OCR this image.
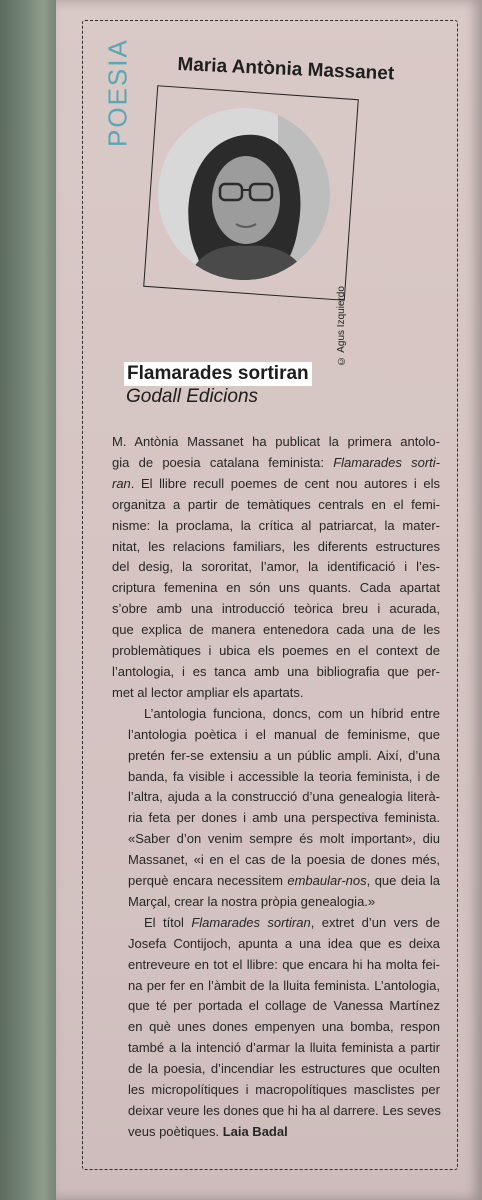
POESIA Maria Antònia Massanet
© Agus Izquierdo
Flamarades sortiran
Godall Edicions

M. Antònia Massanet ha publicat la primera antolo-
gia de poesia catalana feminista: Flamarades sorti-
ran. El llibre recull poemes de cent nou autores i els
organitza a partir de temàtiques centrals en el femi-
nisme: la proclama, la crítica al patriarcat, la mater-
nitat, les relacions familiars, les diferents estructures
del desig, la sororitat, l’amor, la identificació i l’es-
criptura femenina en són uns quants. Cada apartat
s’obre amb una introducció teòrica breu i acurada,
que explica de manera entenedora cada una de les
problemàtiques i ubica els poemes en el context de
l’antologia, i es tanca amb una bibliografia que per-
met al lector ampliar els apartats.

L’antologia funciona, doncs, com un híbrid entre
l’antologia poètica i el manual de feminisme, que
pretén fer-se extensiu a un públic ampli. Així, d’una
banda, fa visible i accessible la teoria feminista, i de
l’altra, ajuda a la construcció d’una genealogia literà-
ria feta per dones i amb una perspectiva feminista.
«Saber d’on venim sempre és molt important», diu
Massanet, «i en el cas de la poesia de dones més,
perquè encara necessitem embaular-nos, que deia la
Marçal, crear la nostra pròpia genealogia.»

El títol Flamarades sortiran, extret d’un vers de
Josefa Contijoch, apunta a una idea que es deixa
entreveure en tot el llibre: que encara hi ha molta fei-
na per fer en l’àmbit de la lluita feminista. L’antologia,
que té per portada el collage de Vanessa Martínez
en què unes dones empenyen una bomba, respon
també a la intenció d’armar la lluita feminista a partir
de la poesia, d’incendiar les estructures que oculten
les micropolítiques i macropolítiques masclistes per
deixar veure les dones que hi ha al darrere. Les seves
veus poètiques. Laia Badal
